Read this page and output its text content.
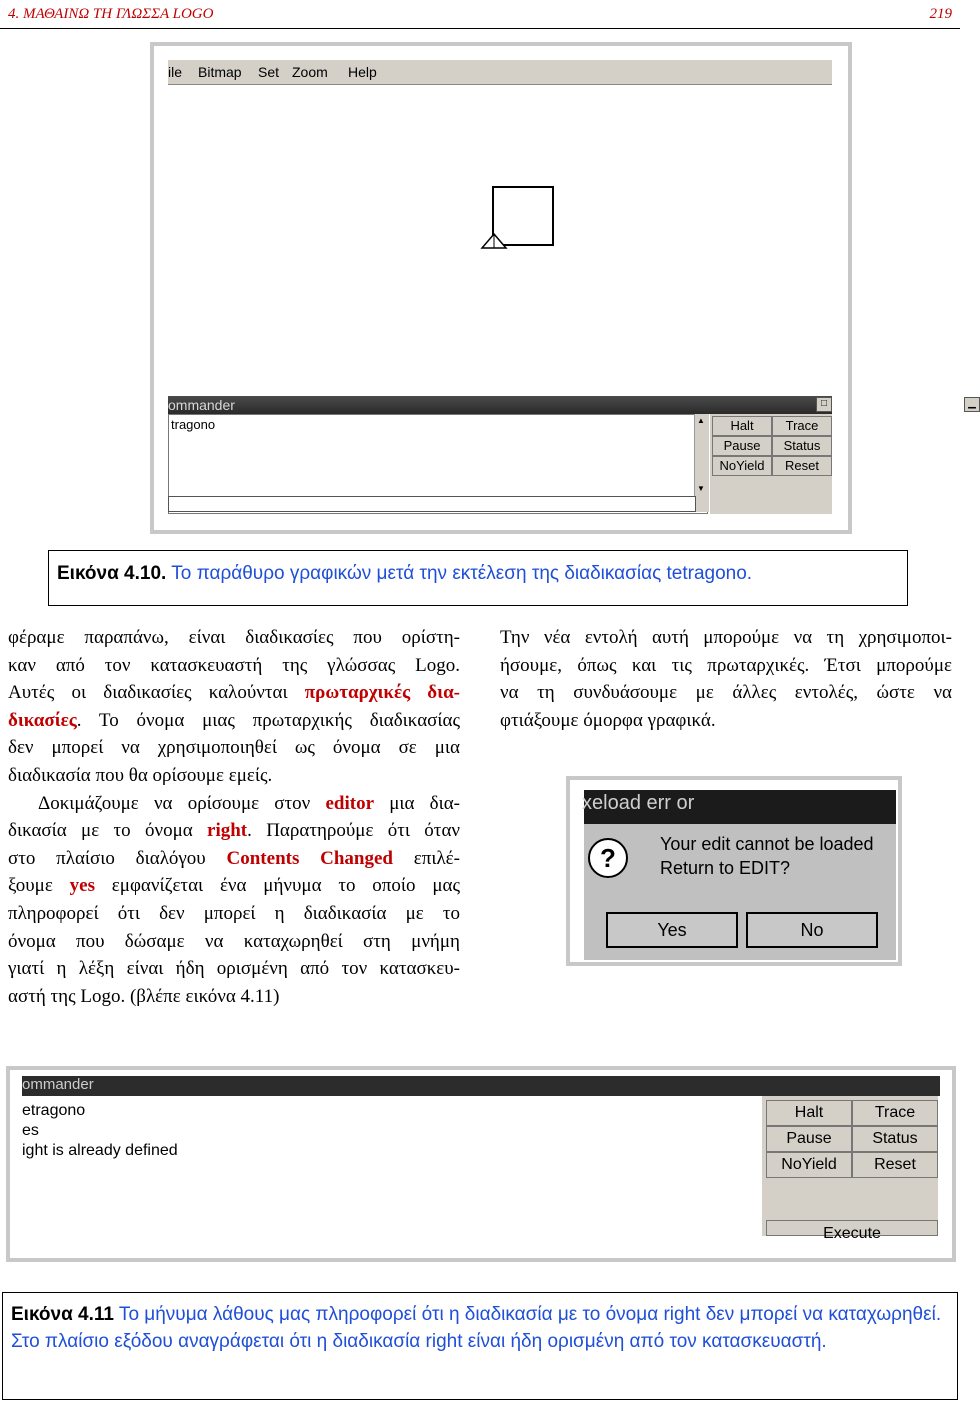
4. ΜΑΘΑΙΝΩ ΤΗ ΓΛΩΣΣΑ LOGO	219
ile Bitmap Set Zoom Help
ommander	▁
□
tragono	▲
▼
Halt	Trace
Pause	Status
NoYield	Reset
Εικόνα 4.10. Το παράθυρο γραφικών μετά την εκτέλεση της διαδικασίας tetragono.
φέραμε παραπάνω, είναι διαδικασίες που ορίστη-
καν από τον κατασκευαστή της γλώσσας Logo.
Αυτές οι διαδικασίες καλούνται πρωταρχικές δια-
δικασίες. Το όνομα μιας πρωταρχικής διαδικασίας
δεν μπορεί να χρησιμοποιηθεί ως όνομα σε μια
διαδικασία που θα ορίσουμε εμείς.
Δοκιμάζουμε να ορίσουμε στον editor μια δια-
δικασία με το όνομα right. Παρατηρούμε ότι όταν
στο πλαίσιο διαλόγου Contents Changed επιλέ-
ξουμε yes εμφανίζεται ένα μήνυμα το οποίο μας
πληροφορεί ότι δεν μπορεί η διαδικασία με το
όνομα που δώσαμε να καταχωρηθεί στη μνήμη
γιατί η λέξη είναι ήδη ορισμένη από τον κατασκευ-
αστή της Logo. (βλέπε εικόνα 4.11)
Την νέα εντολή αυτή μπορούμε να τη χρησιμοποι-
ήσουμε, όπως και τις πρωταρχικές. Έτσι μπορούμε
να τη συνδυάσουμε με άλλες εντολές, ώστε να
φτιάξουμε όμορφα γραφικά.
xeload err or
?	Your edit cannot be loaded
Return to EDIT?
Yes	No
ommander
etragono
es
ight is already defined
Halt	Trace
Pause	Status
NoYield	Reset
Execute
Εικόνα 4.11 Το μήνυμα λάθους μας πληροφορεί ότι η διαδικασία με το όνομα right δεν μπορεί να καταχωρηθεί. Στο πλαίσιο εξόδου αναγράφεται ότι η διαδικασία right είναι ήδη ορισμένη από τον κατασκευαστή.
